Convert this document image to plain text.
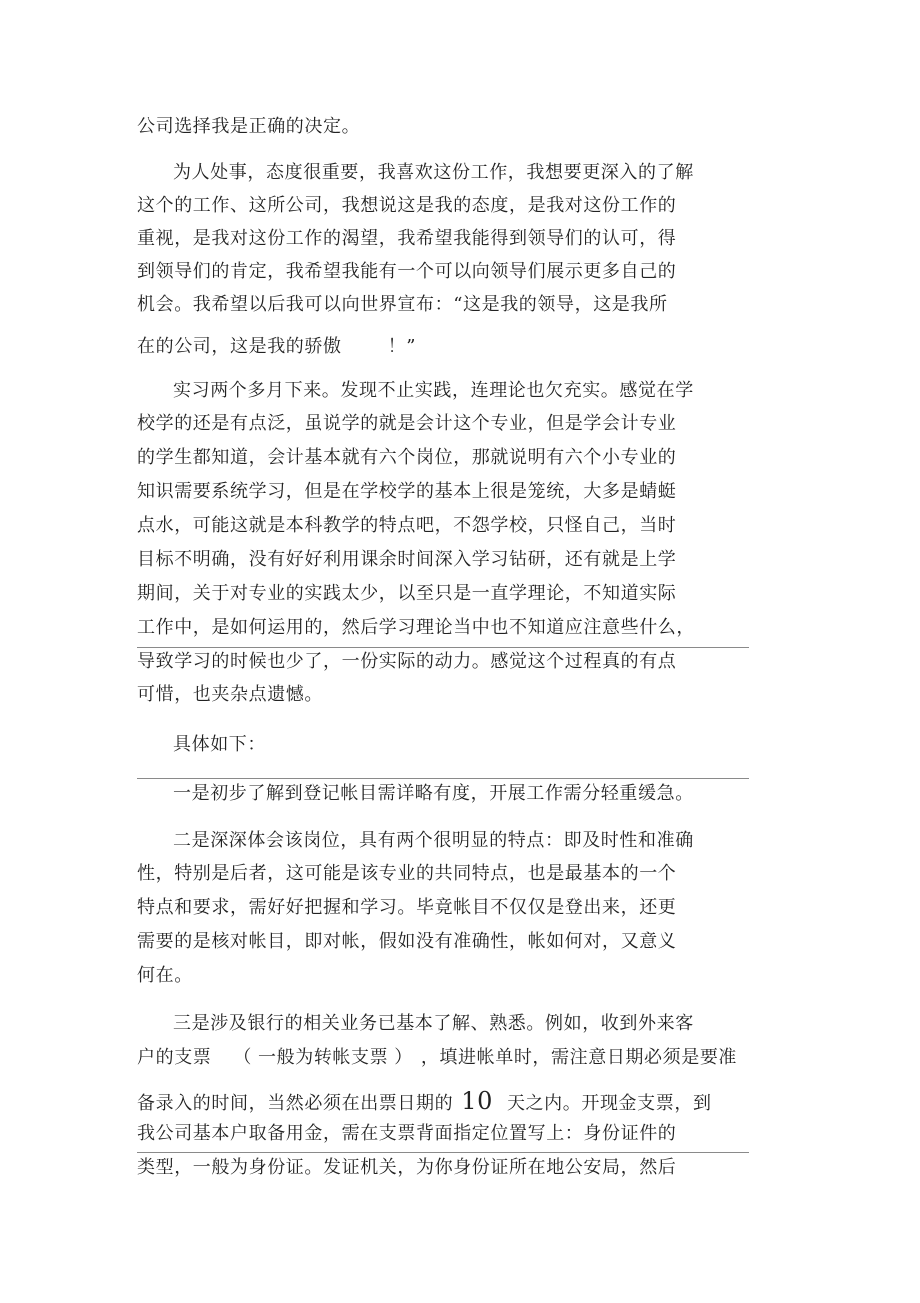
公司选择我是正确的决定。
为人处事，态度很重要，我喜欢这份工作，我想要更深入的了解
这个的工作、这所公司，我想说这是我的态度，是我对这份工作的
重视，是我对这份工作的渴望，我希望我能得到领导们的认可，得
到领导们的肯定，我希望我能有一个可以向领导们展示更多自己的
机会。我希望以后我可以向世界宣布：“这是我的领导，这是我所
在的公司，这是我的骄傲	！”
实习两个多月下来。发现不止实践，连理论也欠充实。感觉在学
校学的还是有点泛，虽说学的就是会计这个专业，但是学会计专业
的学生都知道，会计基本就有六个岗位，那就说明有六个小专业的
知识需要系统学习，但是在学校学的基本上很是笼统，大多是蜻蜓
点水，可能这就是本科教学的特点吧，不怨学校，只怪自己，当时
目标不明确，没有好好利用课余时间深入学习钻研，还有就是上学
期间，关于对专业的实践太少，以至只是一直学理论，不知道实际
工作中，是如何运用的，然后学习理论当中也不知道应注意些什么，
导致学习的时候也少了，一份实际的动力。感觉这个过程真的有点
可惜，也夹杂点遗憾。
具体如下：
一是初步了解到登记帐目需详略有度，开展工作需分轻重缓急。
二是深深体会该岗位，具有两个很明显的特点：即及时性和准确
性，特别是后者，这可能是该专业的共同特点，也是最基本的一个
特点和要求，需好好把握和学习。毕竟帐目不仅仅是登出来，还更
需要的是核对帐目，即对帐，假如没有准确性，帐如何对，又意义
何在。
三是涉及银行的相关业务已基本了解、熟悉。例如，收到外来客
户的支票 （ 一般为转帐支票 ） ，填进帐单时，需注意日期必须是要准
备录入的时间，当然必须在出票日期的 10 天之内。开现金支票，到
我公司基本户取备用金，需在支票背面指定位置写上：身份证件的
类型，一般为身份证。发证机关，为你身份证所在地公安局，然后
